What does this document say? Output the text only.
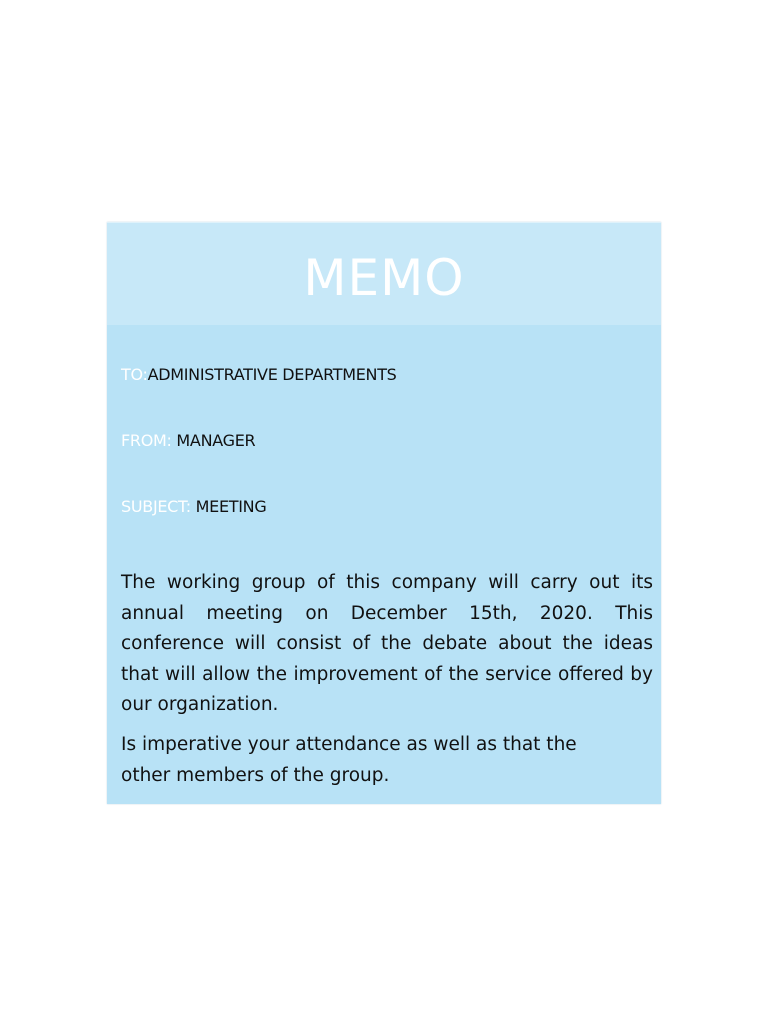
MEMO
TO:ADMINISTRATIVE DEPARTMENTS
FROM: MANAGER
SUBJECT: MEETING
The working group of this company will carry out its annual meeting on December 15th, 2020. This conference will consist of the debate about the ideas that will allow the improvement of the service offered by our organization.
Is imperative your attendance as well as that the other members of the group.
